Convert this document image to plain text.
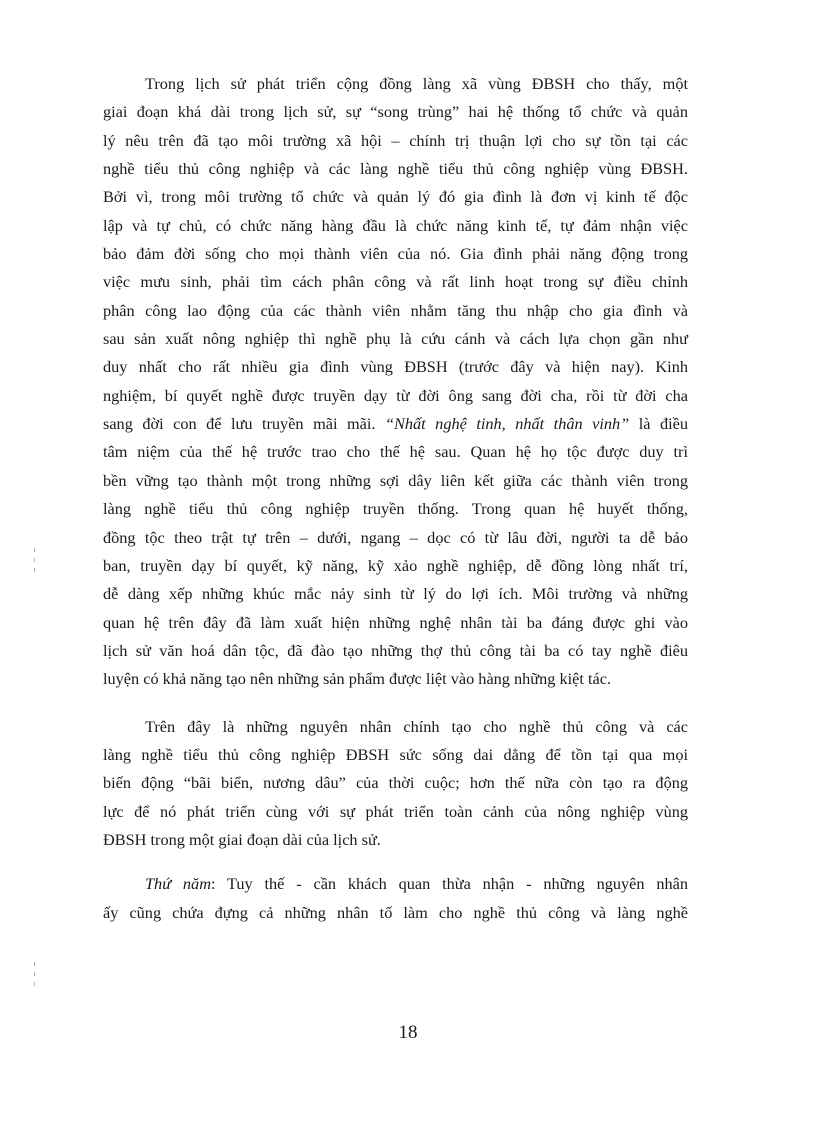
Trong lịch sử phát triển cộng đồng làng xã vùng ĐBSH cho thấy, một
giai đoạn khá dài trong lịch sử, sự “song trùng” hai hệ thống tổ chức và quản
lý nêu trên đã tạo môi trường xã hội – chính trị thuận lợi cho sự tồn tại các
nghề tiểu thủ công nghiệp và các làng nghề tiểu thủ công nghiệp vùng ĐBSH.
Bởi vì, trong môi trường tổ chức và quản lý đó gia đình là đơn vị kinh tế độc
lập và tự chủ, có chức năng hàng đầu là chức năng kinh tế, tự đảm nhận việc
bảo đảm đời sống cho mọi thành viên của nó. Gia đình phải năng động trong
việc mưu sinh, phải tìm cách phân công và rất linh hoạt trong sự điều chỉnh
phân công lao động của các thành viên nhằm tăng thu nhập cho gia đình và
sau sản xuất nông nghiệp thì nghề phụ là cứu cánh và cách lựa chọn gần như
duy nhất cho rất nhiều gia đình vùng ĐBSH (trước đây và hiện nay). Kinh
nghiệm, bí quyết nghề được truyền dạy từ đời ông sang đời cha, rồi từ đời cha
sang đời con để lưu truyền mãi mãi. “Nhất nghệ tinh, nhất thân vinh” là điều
tâm niệm của thế hệ trước trao cho thế hệ sau. Quan hệ họ tộc được duy trì
bền vững tạo thành một trong những sợi dây liên kết giữa các thành viên trong
làng nghề tiểu thủ công nghiệp truyền thống. Trong quan hệ huyết thống,
đồng tộc theo trật tự trên – dưới, ngang – dọc có từ lâu đời, người ta dễ bảo
ban, truyền dạy bí quyết, kỹ năng, kỹ xảo nghề nghiệp, dễ đồng lòng nhất trí,
dễ dàng xếp những khúc mắc nảy sinh từ lý do lợi ích. Môi trường và những
quan hệ trên đây đã làm xuất hiện những nghệ nhân tài ba đáng được ghi vào
lịch sử văn hoá dân tộc, đã đào tạo những thợ thủ công tài ba có tay nghề điêu
luyện có khả năng tạo nên những sản phẩm được liệt vào hàng những kiệt tác.

Trên đây là những nguyên nhân chính tạo cho nghề thủ công và các
làng nghề tiểu thủ công nghiệp ĐBSH sức sống dai dẳng để tồn tại qua mọi
biến động “bãi biển, nương dâu” của thời cuộc; hơn thế nữa còn tạo ra động
lực để nó phát triển cùng với sự phát triển toàn cảnh của nông nghiệp vùng
ĐBSH trong một giai đoạn dài của lịch sử.

Thứ năm: Tuy thế - cần khách quan thừa nhận - những nguyên nhân
ấy cũng chứa đựng cả những nhân tố làm cho nghề thủ công và làng nghề

18
